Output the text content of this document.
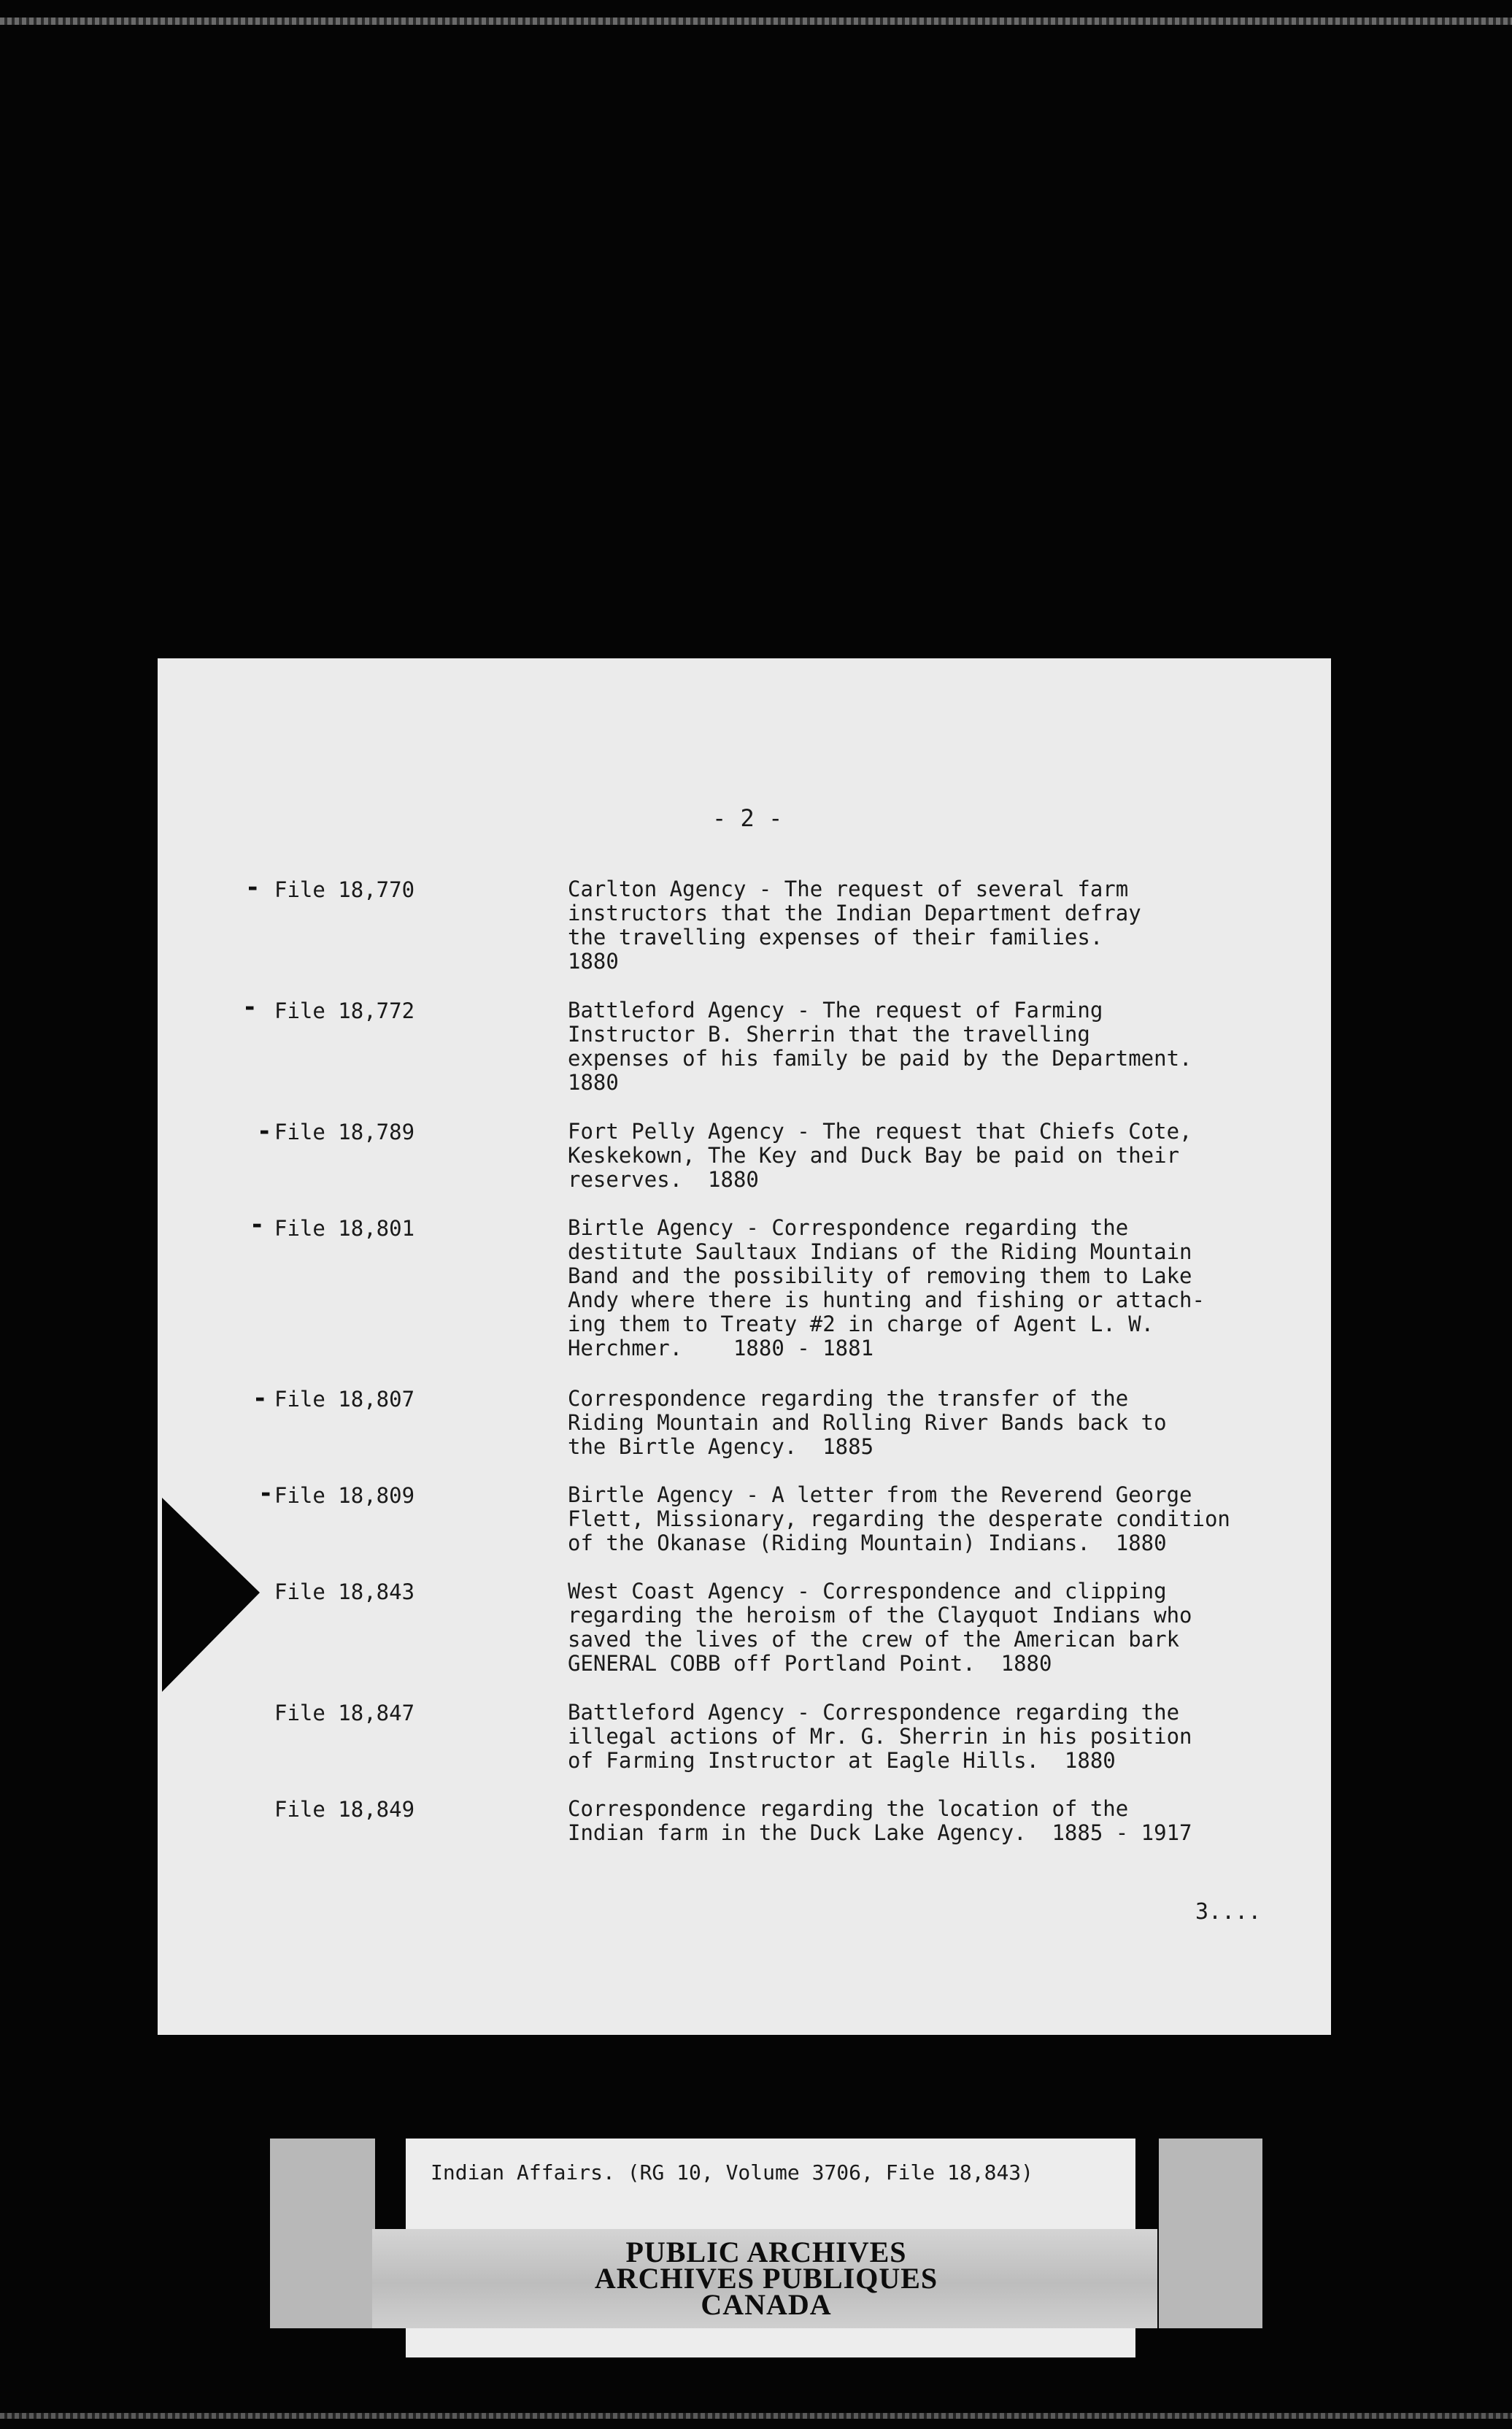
- 2 -
- File 18,770	Carlton Agency - The request of several farm
instructors that the Indian Department defray
the travelling expenses of their families.
1880
- File 18,772	Battleford Agency - The request of Farming
Instructor B. Sherrin that the travelling
expenses of his family be paid by the Department.
1880
- File 18,789	Fort Pelly Agency - The request that Chiefs Cote,
Keskekown, The Key and Duck Bay be paid on their
reserves.  1880
- File 18,801	Birtle Agency - Correspondence regarding the
destitute Saultaux Indians of the Riding Mountain
Band and the possibility of removing them to Lake
Andy where there is hunting and fishing or attach-
ing them to Treaty #2 in charge of Agent L. W.
Herchmer.    1880 - 1881
- File 18,807	Correspondence regarding the transfer of the
Riding Mountain and Rolling River Bands back to
the Birtle Agency.  1885
- File 18,809	Birtle Agency - A letter from the Reverend George
Flett, Missionary, regarding the desperate condition
of the Okanase (Riding Mountain) Indians.  1880
File 18,843	West Coast Agency - Correspondence and clipping
regarding the heroism of the Clayquot Indians who
saved the lives of the crew of the American bark
GENERAL COBB off Portland Point.  1880
File 18,847	Battleford Agency - Correspondence regarding the
illegal actions of Mr. G. Sherrin in his position
of Farming Instructor at Eagle Hills.  1880
File 18,849	Correspondence regarding the location of the
Indian farm in the Duck Lake Agency.  1885 - 1917
3....
Indian Affairs. (RG 10, Volume 3706, File 18,843)
PUBLIC ARCHIVES
ARCHIVES PUBLIQUES
CANADA
